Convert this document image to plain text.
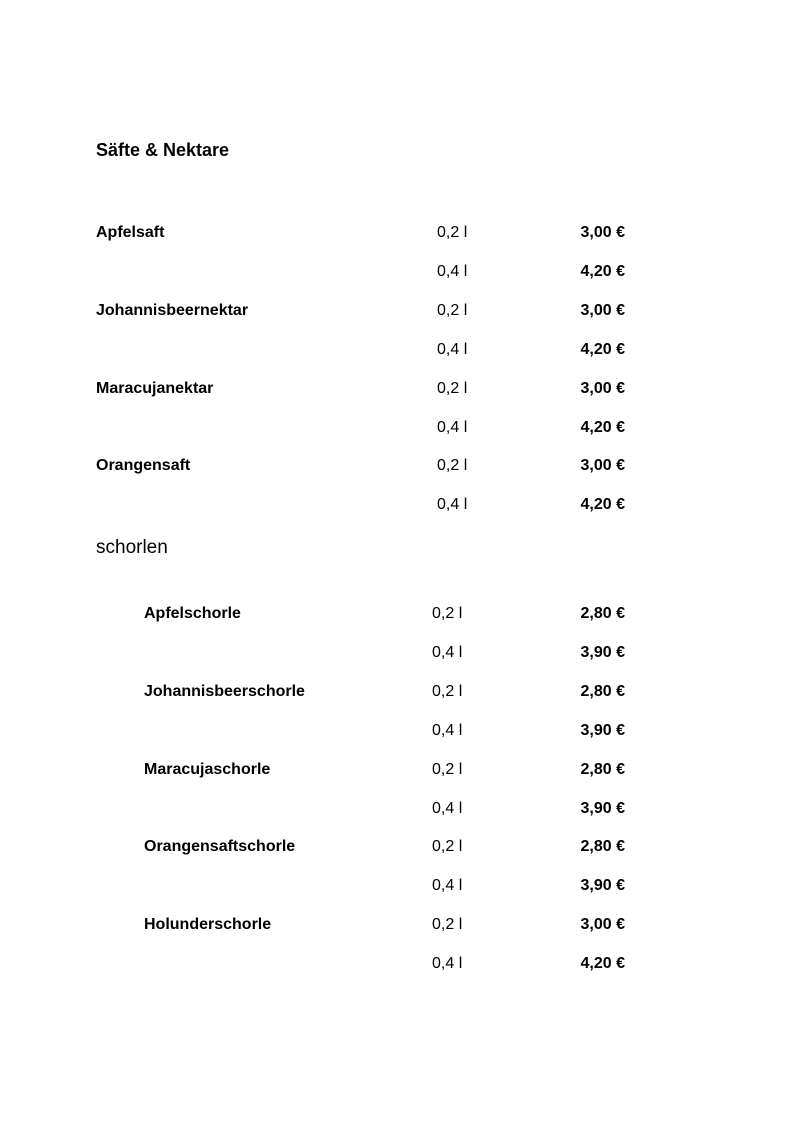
Säfte & Nektare
Apfelsaft	0,2 l	3,00 €
0,4 l	4,20 €
Johannisbeernektar	0,2 l	3,00 €
0,4 l	4,20 €
Maracujanektar	0,2 l	3,00 €
0,4 l	4,20 €
Orangensaft	0,2 l	3,00 €
0,4 l	4,20 €
schorlen
Apfelschorle	0,2 l	2,80 €
0,4 l	3,90 €
Johannisbeerschorle	0,2 l	2,80 €
0,4 l	3,90 €
Maracujaschorle	0,2 l	2,80 €
0,4 l	3,90 €
Orangensaftschorle	0,2 l	2,80 €
0,4 l	3,90 €
Holunderschorle	0,2 l	3,00 €
0,4 l	4,20 €
